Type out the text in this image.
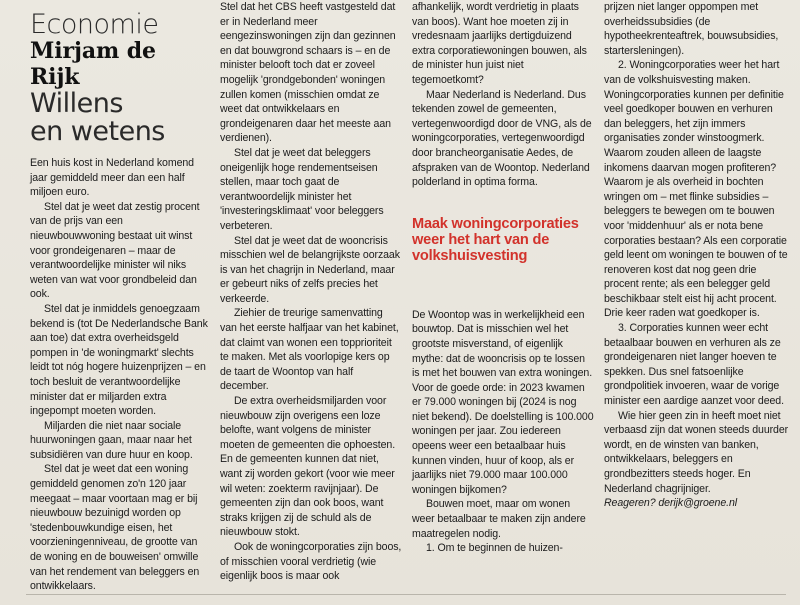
Economie
Mirjam de Rijk
Willens
en wetens

Een huis kost in Nederland komend jaar gemiddeld meer dan een half miljoen euro.

Stel dat je weet dat zestig procent van de prijs van een nieuwbouwwoning bestaat uit winst voor grondeigenaren – maar de verantwoordelijke minister wil niks weten van wat voor grondbeleid dan ook.

Stel dat je inmiddels genoegzaam bekend is (tot De Nederlandsche Bank aan toe) dat extra overheidsgeld pompen in 'de woningmarkt' slechts leidt tot nóg hogere huizenprijzen – en toch besluit de verantwoordelijke minister dat er miljarden extra ingepompt moeten worden.

Miljarden die niet naar sociale huurwoningen gaan, maar naar het subsidiëren van dure huur en koop.

Stel dat je weet dat een woning gemiddeld genomen zo'n 120 jaar meegaat – maar voortaan mag er bij nieuwbouw bezuinigd worden op 'stedenbouwkundige eisen, het voorzieningenniveau, de grootte van de woning en de bouweisen' omwille van het rendement van beleggers en ontwikkelaars.

Stel dat het CBS heeft vastgesteld dat er in Nederland meer eengezinswoningen zijn dan gezinnen en dat bouwgrond schaars is – en de minister belooft toch dat er zoveel mogelijk 'grondgebonden' woningen zullen komen (misschien omdat ze weet dat ontwikkelaars en grondeigenaren daar het meeste aan verdienen).

Stel dat je weet dat beleggers oneigenlijk hoge rendementseisen stellen, maar toch gaat de verantwoordelijk minister het 'investeringsklimaat' voor beleggers verbeteren.

Stel dat je weet dat de wooncrisis misschien wel de belangrijkste oorzaak is van het chagrijn in Nederland, maar er gebeurt niks of zelfs precies het verkeerde.

Ziehier de treurige samenvatting van het eerste halfjaar van het kabinet, dat claimt van wonen een topprioriteit te maken. Met als voorlopige kers op de taart de Woontop van half december.

De extra overheidsmiljarden voor nieuwbouw zijn overigens een loze belofte, want volgens de minister moeten de gemeenten die ophoesten. En de gemeenten kunnen dat niet, want zij worden gekort (voor wie meer wil weten: zoekterm ravijnjaar). De gemeenten zijn dan ook boos, want straks krijgen zij de schuld als de nieuwbouw stokt.

Ook de woningcorporaties zijn boos, of misschien vooral verdrietig (wie eigenlijk boos is maar ook

afhankelijk, wordt verdrietig in plaats van boos). Want hoe moeten zij in vredesnaam jaarlijks dertigduizend extra corporatiewoningen bouwen, als de minister hun juist niet tegemoetkomt?

Maar Nederland is Nederland. Dus tekenden zowel de gemeenten, vertegenwoordigd door de VNG, als de woningcorporaties, vertegenwoordigd door brancheorganisatie Aedes, de afspraken van de Woontop. Nederland polderland in optima forma.

Maak woningcorporaties weer het hart van de volkshuisvesting

De Woontop was in werkelijkheid een bouwtop. Dat is misschien wel het grootste misverstand, of eigenlijk mythe: dat de wooncrisis op te lossen is met het bouwen van extra woningen. Voor de goede orde: in 2023 kwamen er 79.000 woningen bij (2024 is nog niet bekend). De doelstelling is 100.000 woningen per jaar. Zou iedereen opeens weer een betaalbaar huis kunnen vinden, huur of koop, als er jaarlijks niet 79.000 maar 100.000 woningen bijkomen?

Bouwen moet, maar om wonen weer betaalbaar te maken zijn andere maatregelen nodig.

1. Om te beginnen de huizen-

prijzen niet langer oppompen met overheidssubsidies (de hypotheekrenteaftrek, bouwsubsidies, startersleningen).

2. Woningcorporaties weer het hart van de volkshuisvesting maken. Woningcorporaties kunnen per definitie veel goedkoper bouwen en verhuren dan beleggers, het zijn immers organisaties zonder winstoogmerk. Waarom zouden alleen de laagste inkomens daarvan mogen profiteren? Waarom je als overheid in bochten wringen om – met flinke subsidies – beleggers te bewegen om te bouwen voor 'middenhuur' als er nota bene corporaties bestaan? Als een corporatie geld leent om woningen te bouwen of te renoveren kost dat nog geen drie procent rente; als een belegger geld beschikbaar stelt eist hij acht procent. Drie keer raden wat goedkoper is.

3. Corporaties kunnen weer echt betaalbaar bouwen en verhuren als ze grondeigenaren niet langer hoeven te spekken. Dus snel fatsoenlijke grondpolitiek invoeren, waar de vorige minister een aardige aanzet voor deed.

Wie hier geen zin in heeft moet niet verbaasd zijn dat wonen steeds duurder wordt, en de winsten van banken, ontwikkelaars, beleggers en grondbezitters steeds hoger. En Nederland chagrijniger.

Reageren? derijk@groene.nl
